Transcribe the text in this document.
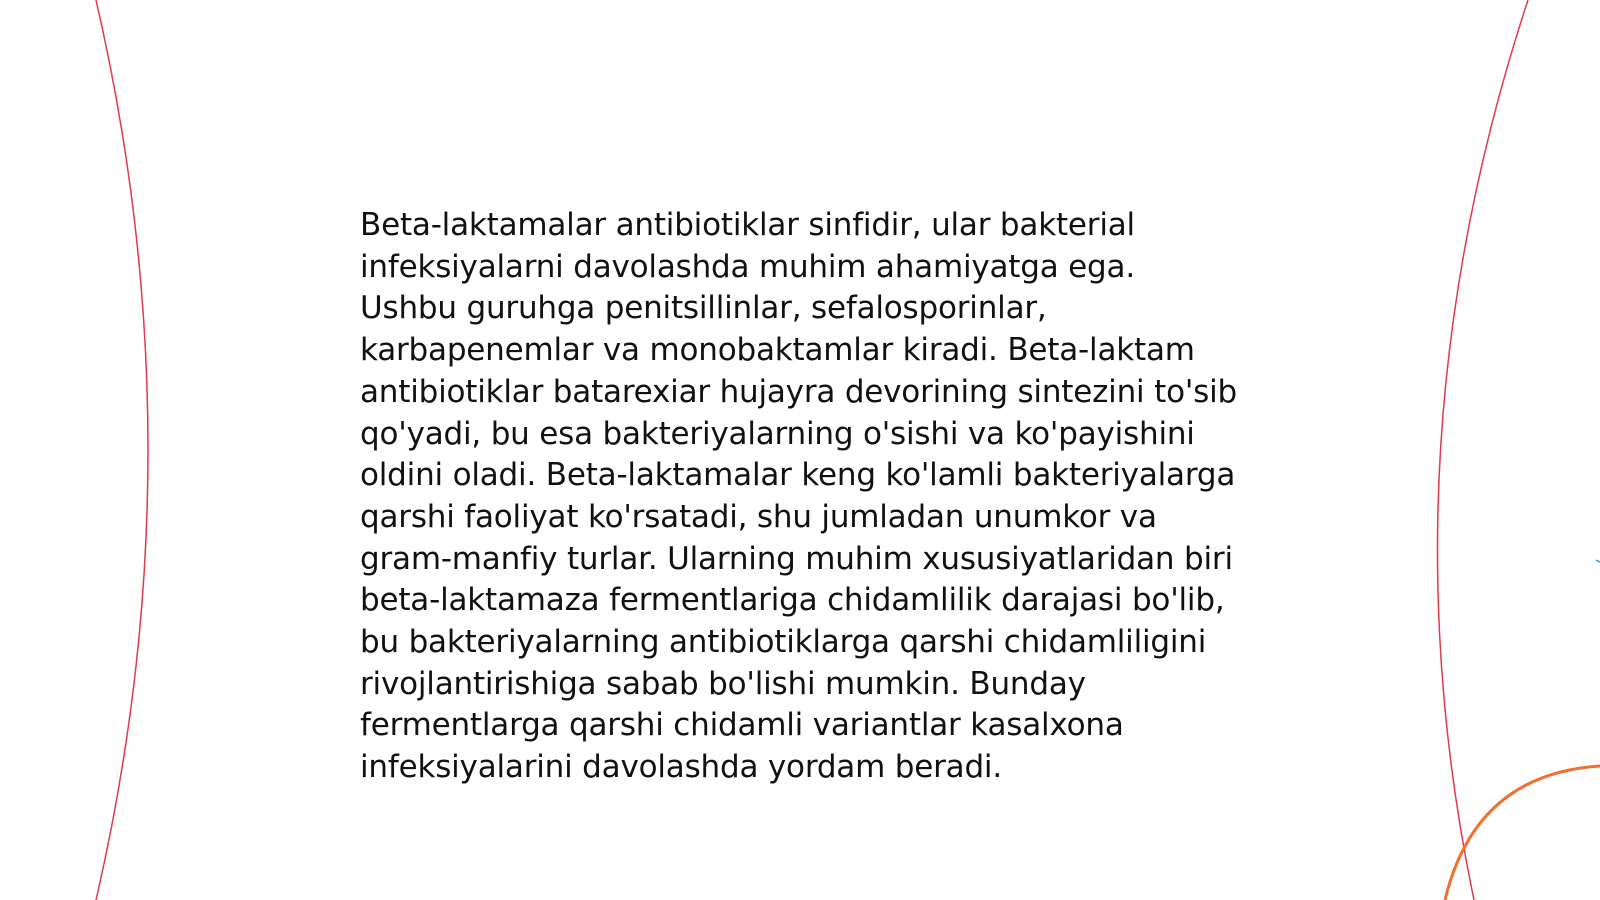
Beta-laktamalar antibiotiklar sinfidir, ular bakterial infeksiyalarni davolashda muhim ahamiyatga ega. Ushbu guruhga penitsillinlar, sefalosporinlar, karbapenemlar va monobaktamlar kiradi. Beta-laktam antibiotiklar batarexiar hujayra devorining sintezini to'sib qo'yadi, bu esa bakteriyalarning o'sishi va ko'payishini oldini oladi. Beta-laktamalar keng ko'lamli bakteriyalarga qarshi faoliyat ko'rsatadi, shu jumladan unumkor va gram-manfiy turlar. Ularning muhim xususiyatlaridan biri beta-laktamaza fermentlariga chidamlilik darajasi bo'lib, bu bakteriyalarning antibiotiklarga qarshi chidamliligini rivojlantirishiga sabab bo'lishi mumkin. Bunday fermentlarga qarshi chidamli variantlar kasalxona infeksiyalarini davolashda yordam beradi.
